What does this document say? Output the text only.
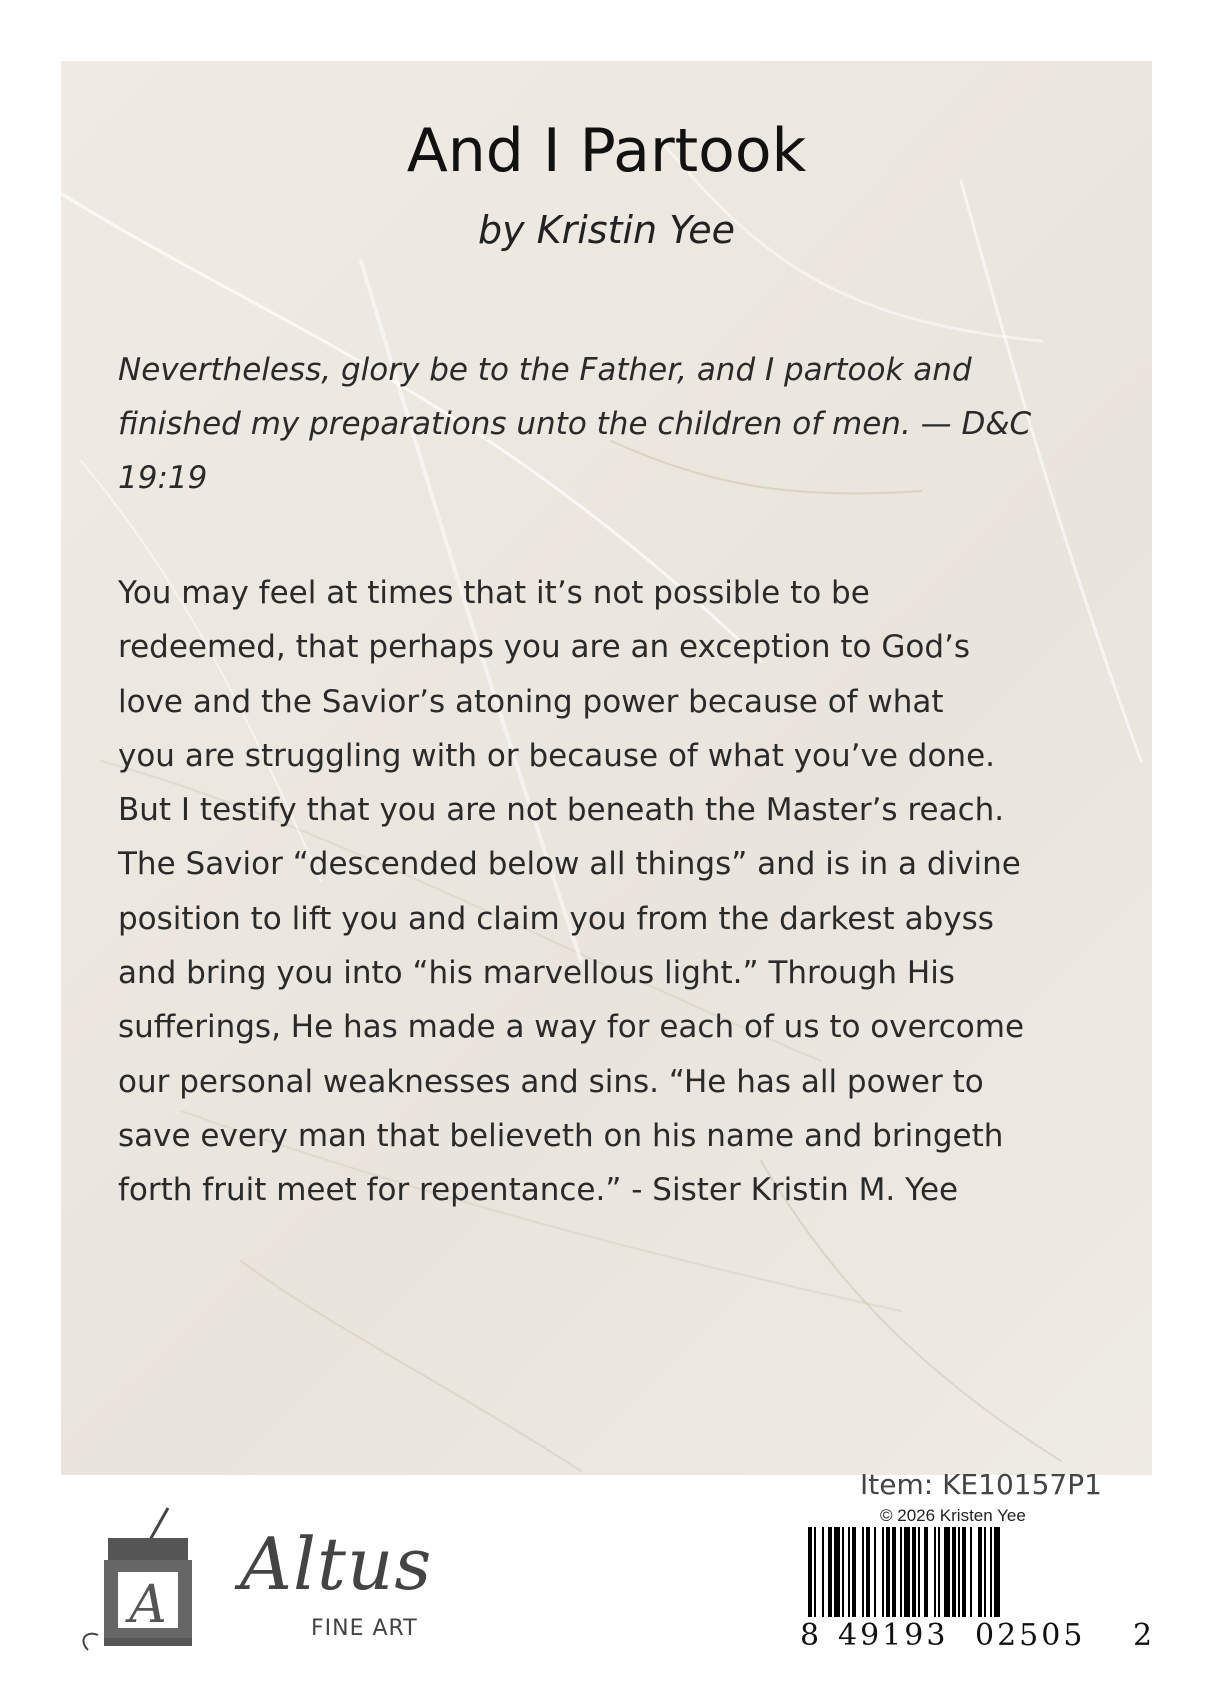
And I Partook
by Kristin Yee

Nevertheless, glory be to the Father, and I partook and
finished my preparations unto the children of men. — D&C
19:19

You may feel at times that it’s not possible to be
redeemed, that perhaps you are an exception to God’s
love and the Savior’s atoning power because of what
you are struggling with or because of what you’ve done.
But I testify that you are not beneath the Master’s reach.
The Savior “descended below all things” and is in a divine
position to lift you and claim you from the darkest abyss
and bring you into “his marvellous light.” Through His
sufferings, He has made a way for each of us to overcome
our personal weaknesses and sins. “He has all power to
save every man that believeth on his name and bringeth
forth fruit meet for repentance.” - Sister Kristin M. Yee

A Altus
FINE ART
Item: KE10157P1
© 2026 Kristen Yee
8 49193 02505 2
